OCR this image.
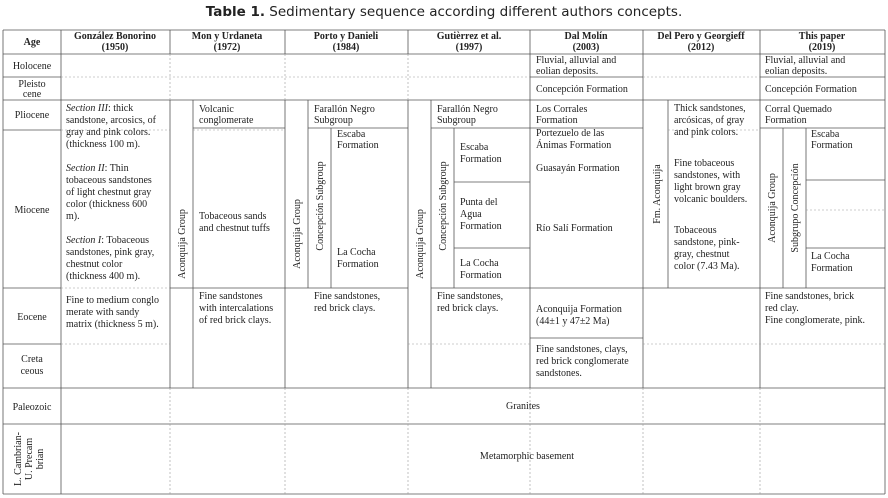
Table 1. Sedimentary sequence according different authors concepts.
Age
González Bonorino
(1950)
Mon y Urdaneta
(1972)
Porto y Danieli
(1984)
Gutièrrez et al.
(1997)
Dal Molín
(2003)
Del Pero y Georgieff
(2012)
This paper
(2019)
Holocene
Pleisto
cene
Pliocene
Miocene
Eocene
Creta
ceous
Paleozoic
L. Cambrian- U. Precam brian
Section III: thick
sandstone, arcosics, of
gray and pink colors.
(thickness 100 m).
Section II: Thin
tobaceous sandstones
of light chestnut gray
color (thickness 600
m).
Section I: Tobaceous
sandstones, pink gray,
chestnut color
(thickness 400 m).
Fine to medium conglo
merate with sandy
matrix (thickness 5 m).
Aconquija Group
Volcanic
conglomerate
Tobaceous sands
and chestnut tuffs
Fine sandstones
with intercalations
of red brick clays.
Aconquija Group Concepción Subgroup
Farallón Negro
Subgroup
Escaba
Formation
La Cocha
Formation
Fine sandstones,
red brick clays.
Aconquija Group Concepción Subgroup
Farallón Negro
Subgroup
Escaba
Formation
Punta del
Agua
Formation
La Cocha
Formation
Fine sandstones,
red brick clays.
Fluvial, alluvial and
eolian deposits.
Concepción Formation
Los Corrales
Formation
Portezuelo de las
Ánimas Formation
Guasayán Formation
Río Salí Formation
Aconquija Formation
(44±1 y 47±2 Ma)
Fine sandstones, clays,
red brick conglomerate
sandstones.
Fm. Aconquija
Thick sandstones,
arcósicas, of gray
and pink colors.
Fine tobaceous
sandstones, with
light brown gray
volcanic boulders.
Tobaceous
sandstone, pink-
gray, chestnut
color (7.43 Ma).
Fluvial, alluvial and
eolian deposits.
Concepción Formation
Corral Quemado
Formation
Aconquija Group Subgrupo Concepción
Escaba
Formation
La Cocha
Formation
Fine sandstones, brick
red clay.
Fine conglomerate, pink.
Granites
Metamorphic basement
